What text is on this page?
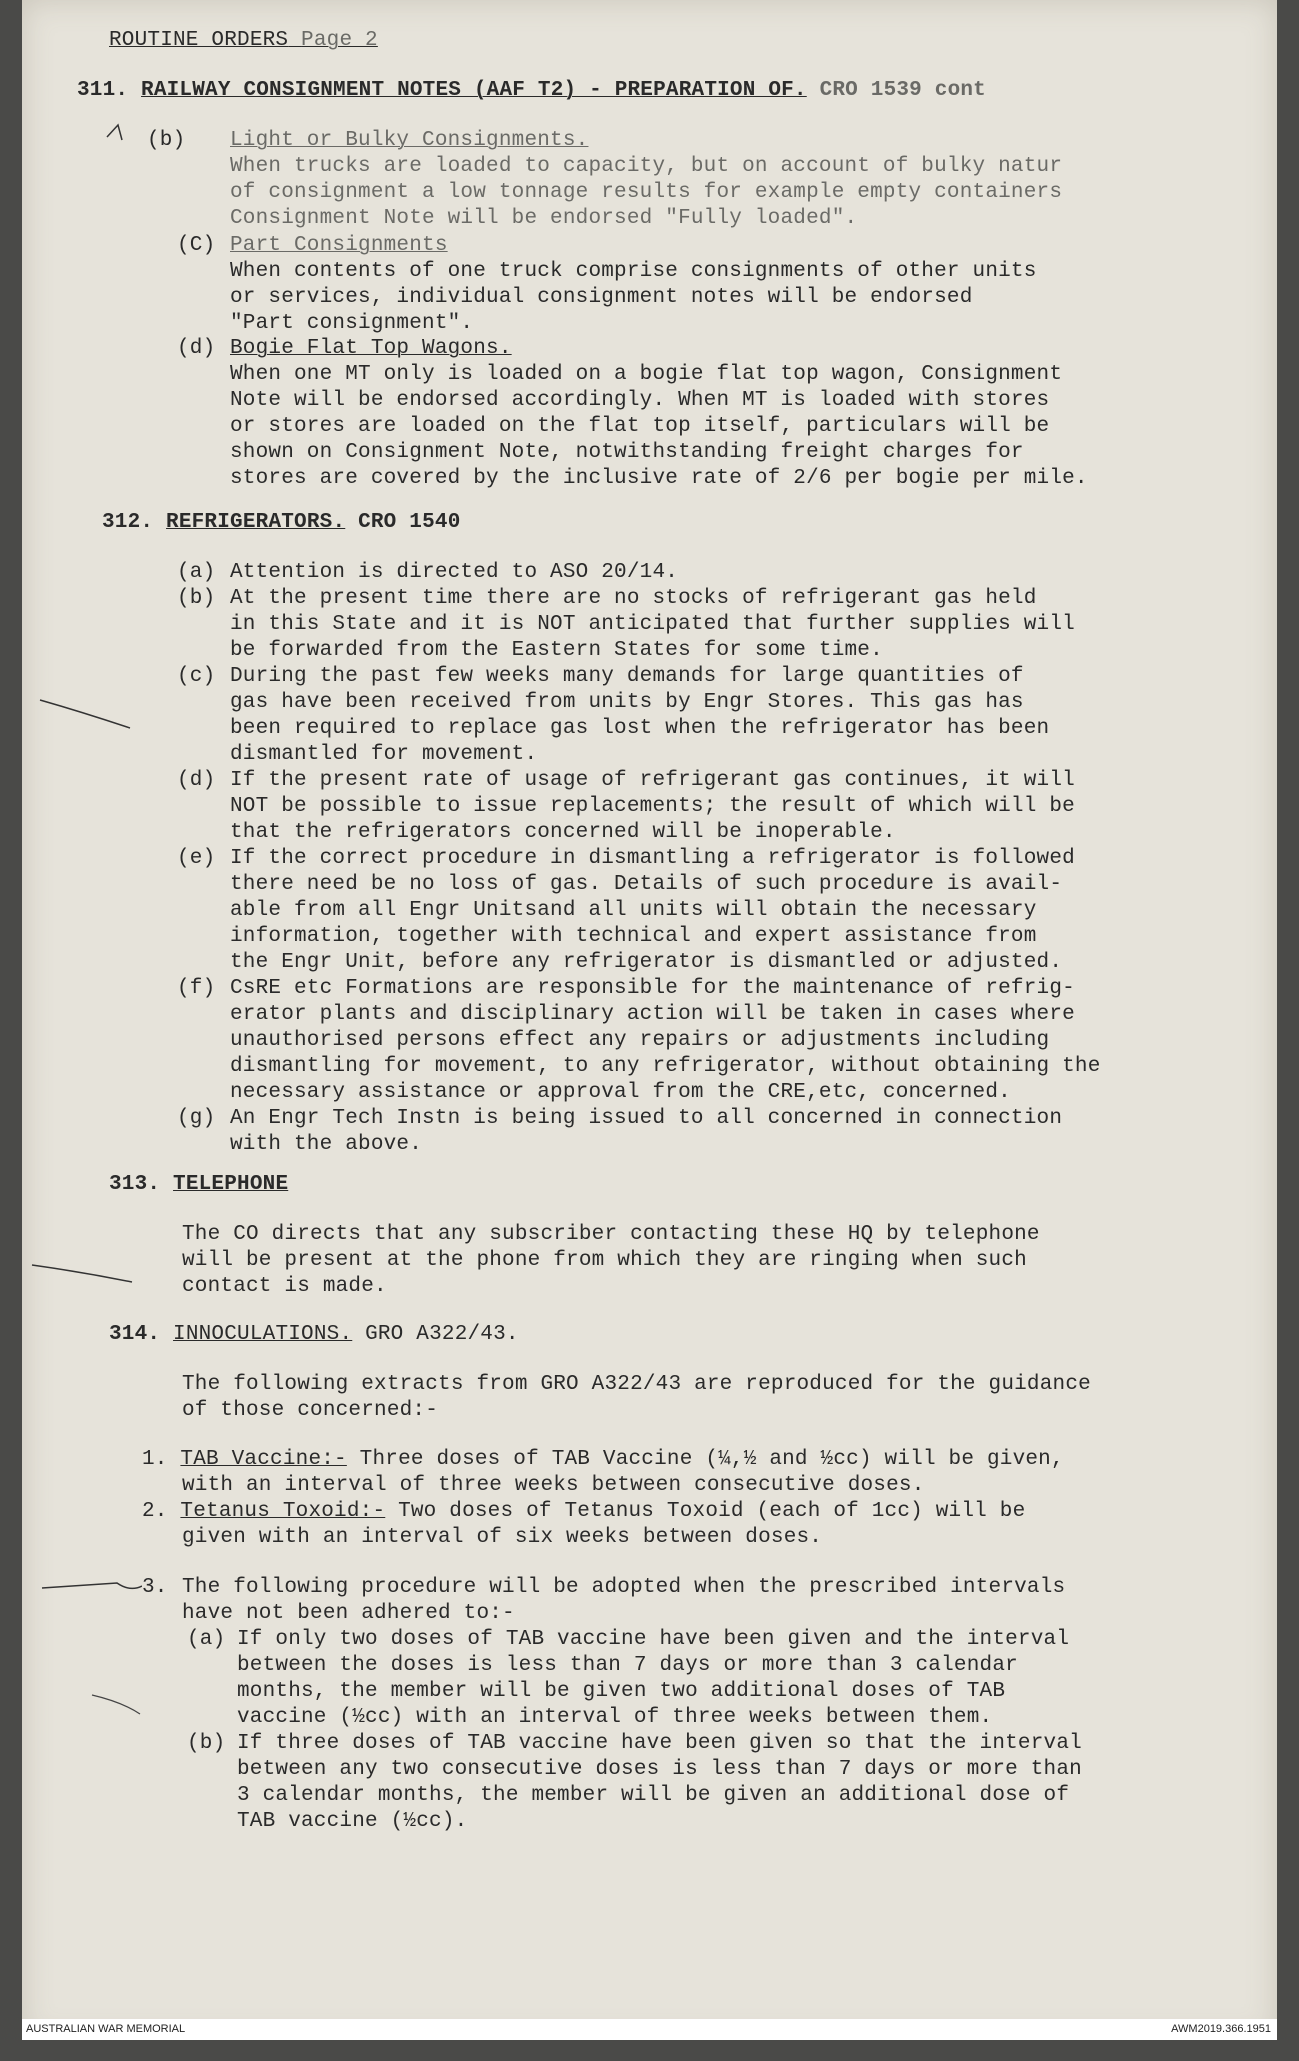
ROUTINE ORDERS Page 2
311. RAILWAY CONSIGNMENT NOTES (AAF T2) - PREPARATION OF. CRO 1539 cont
(b) Light or Bulky Consignments.
When trucks are loaded to capacity, but on account of bulky natur
of consignment a low tonnage results for example empty containers
Consignment Note will be endorsed "Fully loaded".
(C) Part Consignments
When contents of one truck comprise consignments of other units
or services, individual consignment notes will be endorsed
"Part consignment".
(d) Bogie Flat Top Wagons.
When one MT only is loaded on a bogie flat top wagon, Consignment
Note will be endorsed accordingly. When MT is loaded with stores
or stores are loaded on the flat top itself, particulars will be
shown on Consignment Note, notwithstanding freight charges for
stores are covered by the inclusive rate of 2/6 per bogie per mile.
312. REFRIGERATORS. CRO 1540
313. TELEPHONE
The CO directs that any subscriber contacting these HQ by telephone
will be present at the phone from which they are ringing when such
contact is made.
314. INNOCULATIONS. GRO A322/43.
The following extracts from GRO A322/43 are reproduced for the guidance
of those concerned:-
1. TAB Vaccine:- Three doses of TAB Vaccine (¼,½ and ½cc) will be given,
with an interval of three weeks between consecutive doses.
2. Tetanus Toxoid:- Two doses of Tetanus Toxoid (each of 1cc) will be
given with an interval of six weeks between doses.
3. The following procedure will be adopted when the prescribed intervals
have not been adhered to:-
AUSTRALIAN WAR MEMORIAL	AWM2019.366.1951
(a) Attention is directed to ASO 20/14.
(b) At the present time there are no stocks of refrigerant gas held
in this State and it is NOT anticipated that further supplies will
be forwarded from the Eastern States for some time.
(c) During the past few weeks many demands for large quantities of
gas have been received from units by Engr Stores. This gas has
been required to replace gas lost when the refrigerator has been
dismantled for movement.
(d) If the present rate of usage of refrigerant gas continues, it will
NOT be possible to issue replacements; the result of which will be
that the refrigerators concerned will be inoperable.
(e) If the correct procedure in dismantling a refrigerator is followed
there need be no loss of gas. Details of such procedure is avail-
able from all Engr Unitsand all units will obtain the necessary
information, together with technical and expert assistance from
the Engr Unit, before any refrigerator is dismantled or adjusted.
(f) CsRE etc Formations are responsible for the maintenance of refrig-
erator plants and disciplinary action will be taken in cases where
unauthorised persons effect any repairs or adjustments including
dismantling for movement, to any refrigerator, without obtaining the
necessary assistance or approval from the CRE,etc, concerned.
(g) An Engr Tech Instn is being issued to all concerned in connection
with the above.
(a) If only two doses of TAB vaccine have been given and the interval
between the doses is less than 7 days or more than 3 calendar
months, the member will be given two additional doses of TAB
vaccine (½cc) with an interval of three weeks between them.
(b) If three doses of TAB vaccine have been given so that the interval
between any two consecutive doses is less than 7 days or more than
3 calendar months, the member will be given an additional dose of
TAB vaccine (½cc).
